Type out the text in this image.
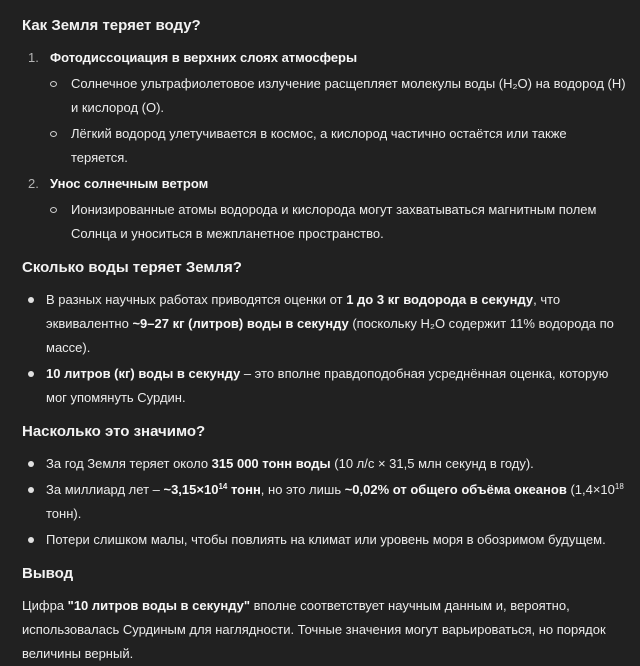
Как Земля теряет воду?
1. Фотодиссоциация в верхних слоях атмосферы
Солнечное ультрафиолетовое излучение расщепляет молекулы воды (H₂O) на водород (H) и кислород (O).
Лёгкий водород улетучивается в космос, а кислород частично остаётся или также теряется.
2. Унос солнечным ветром
Ионизированные атомы водорода и кислорода могут захватываться магнитным полем Солнца и уноситься в межпланетное пространство.
Сколько воды теряет Земля?
В разных научных работах приводятся оценки от 1 до 3 кг водорода в секунду, что эквивалентно ~9–27 кг (литров) воды в секунду (поскольку H₂O содержит 11% водорода по массе).
10 литров (кг) воды в секунду – это вполне правдоподобная усреднённая оценка, которую мог упомянуть Сурдин.
Насколько это значимо?
За год Земля теряет около 315 000 тонн воды (10 л/с × 31,5 млн секунд в году).
За миллиард лет – $\sim 3,15\times 10^{14}$ тонн, но это лишь ~0,02% от общего объёма океанов ($1,4\times 10^{18}$ тонн).
Потери слишком малы, чтобы повлиять на климат или уровень моря в обозримом будущем.
Вывод

Цифра "10 литров воды в секунду" вполне соответствует научным данным и, вероятно, использовалась Сурдиным для наглядности. Точные значения могут варьироваться, но порядок величины верный.
